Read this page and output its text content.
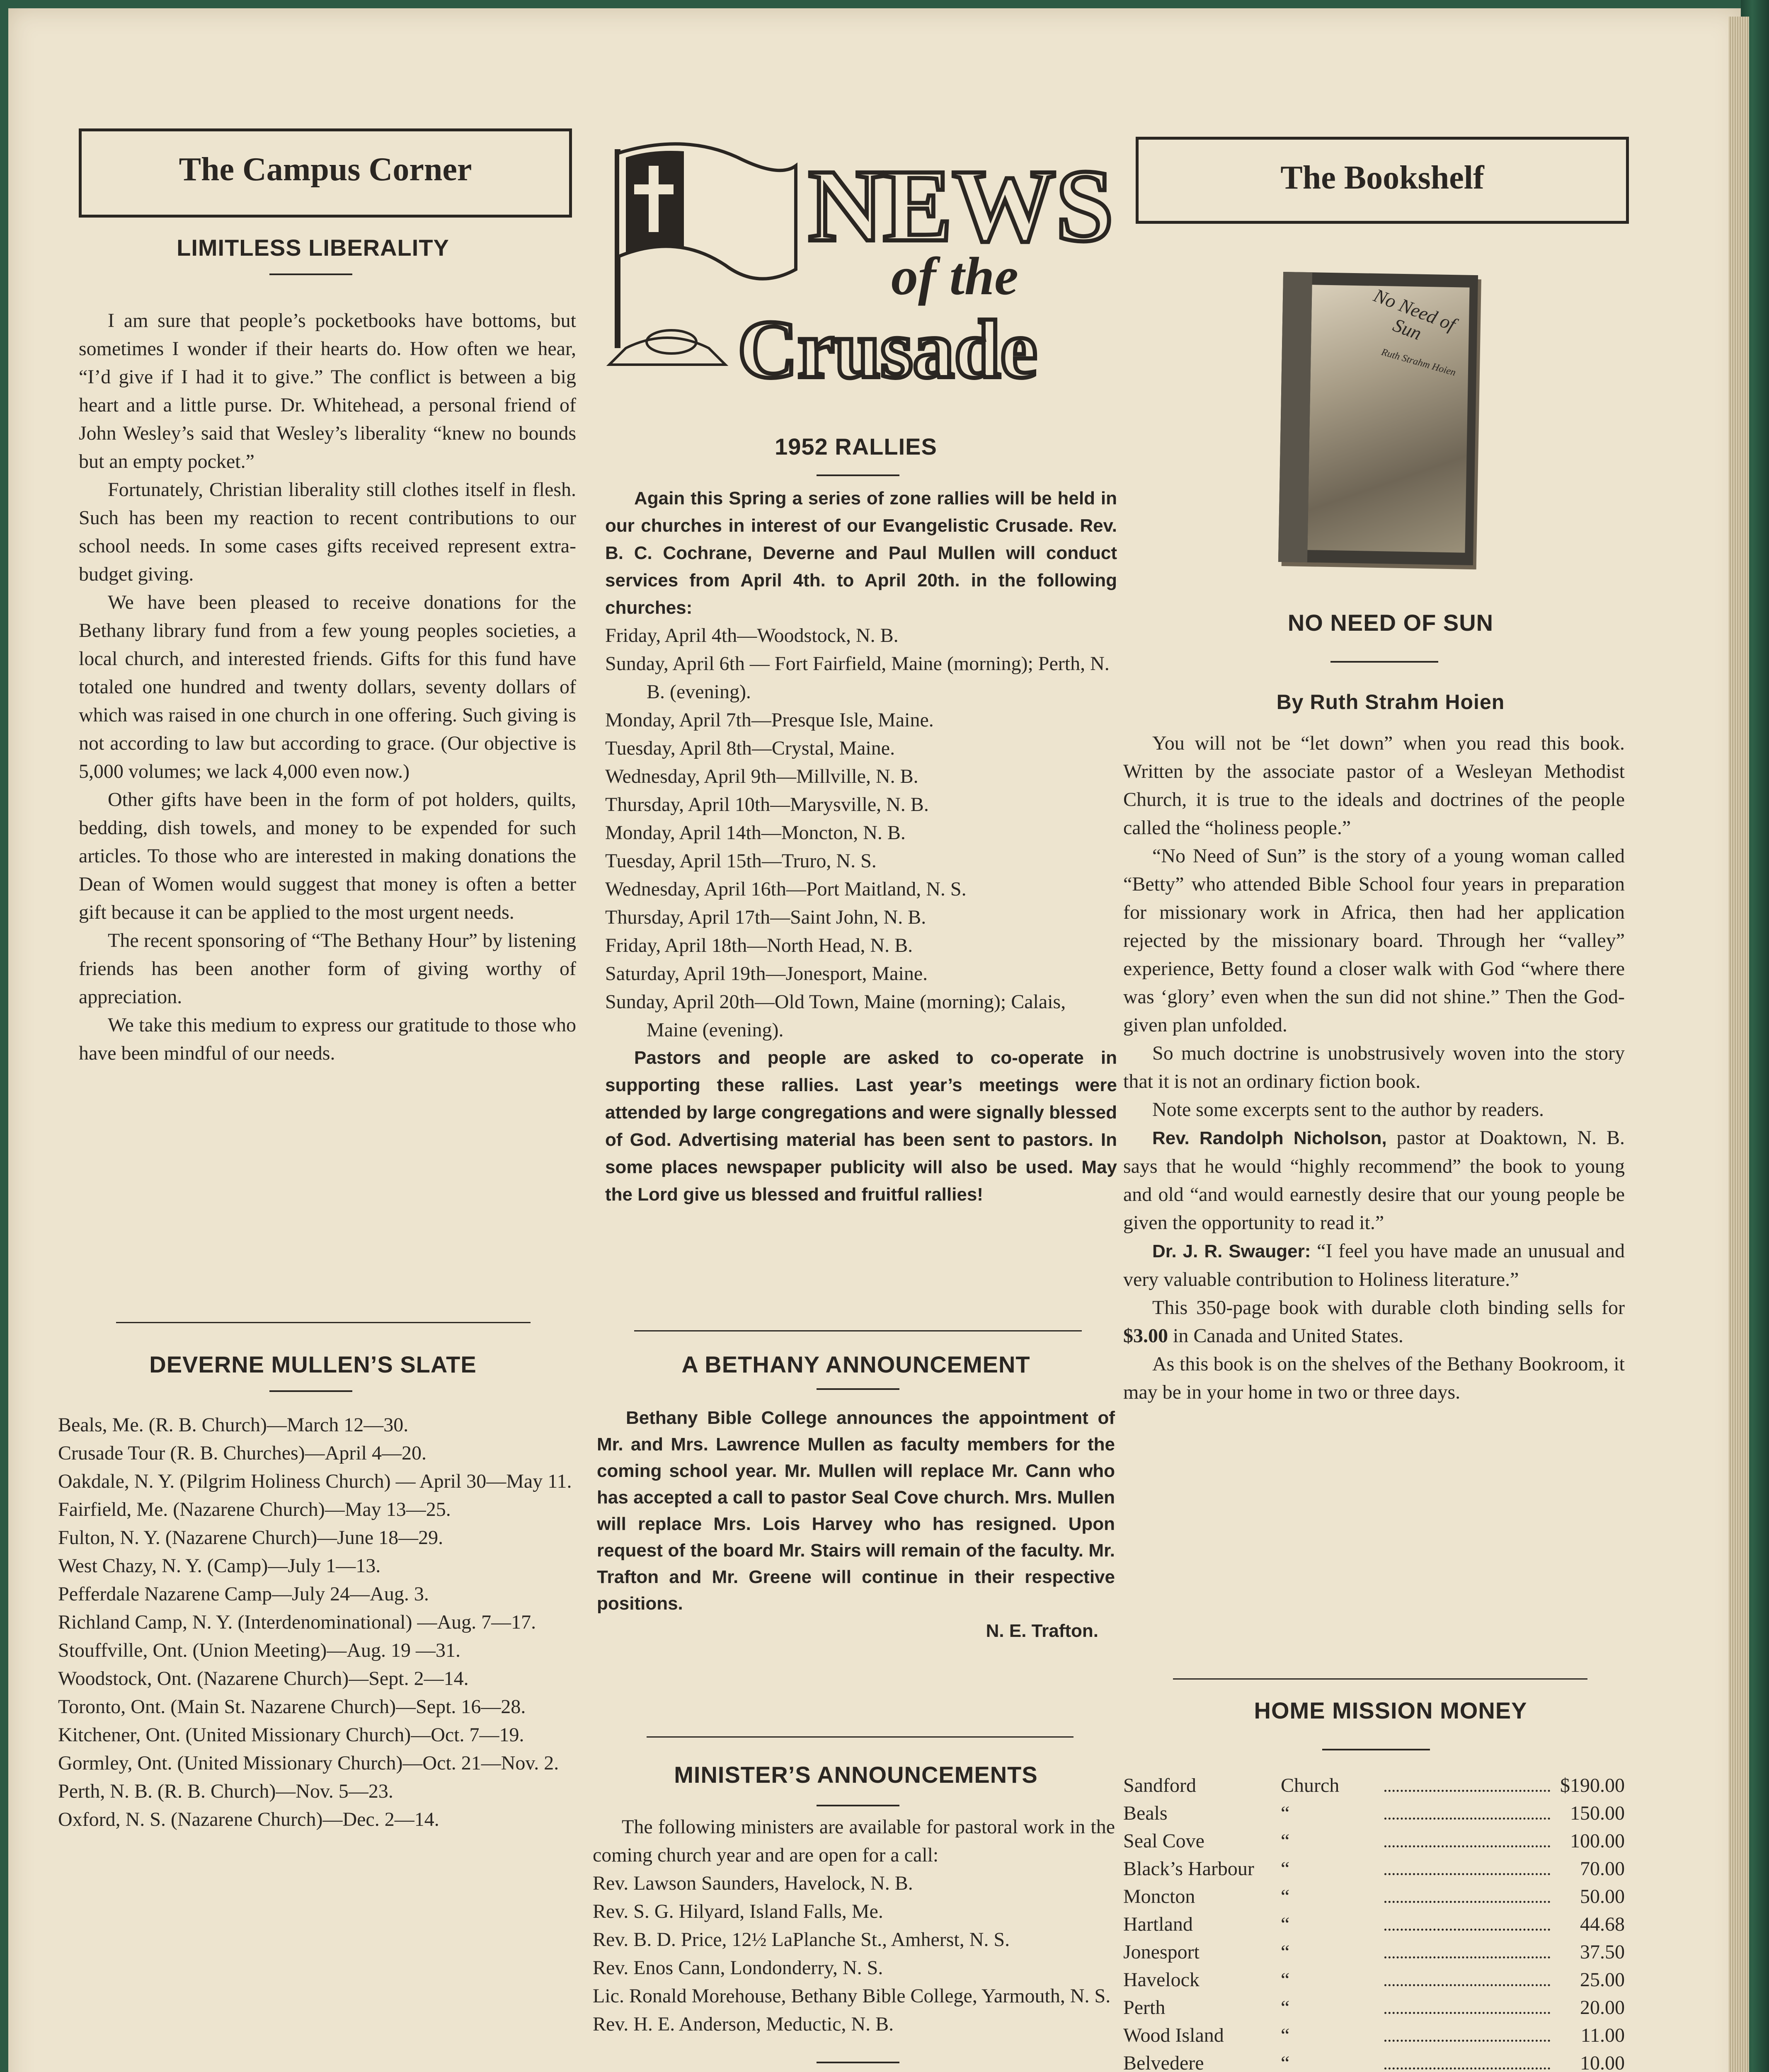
The Campus Corner
LIMITLESS LIBERALITY

I am sure that people’s pocketbooks have bottoms, but sometimes I wonder if their hearts do. How often we hear, “I’d give if I had it to give.” The conflict is between a big heart and a little purse. Dr. Whitehead, a personal friend of John Wesley’s said that Wesley’s liberality “knew no bounds but an empty pocket.”

Fortunately, Christian liberality still clothes itself in flesh. Such has been my reaction to recent contributions to our school needs. In some cases gifts received represent extra-budget giving.

We have been pleased to receive donations for the Bethany library fund from a few young peoples societies, a local church, and interested friends. Gifts for this fund have totaled one hundred and twenty dollars, seventy dollars of which was raised in one church in one offering. Such giving is not according to law but according to grace. (Our objective is 5,000 volumes; we lack 4,000 even now.)

Other gifts have been in the form of pot holders, quilts, bedding, dish towels, and money to be expended for such articles. To those who are interested in making donations the Dean of Women would suggest that money is often a better gift because it can be applied to the most urgent needs.

The recent sponsoring of “The Bethany Hour” by listening friends has been another form of giving worthy of appreciation.

We take this medium to express our gratitude to those who have been mindful of our needs.

DEVERNE MULLEN’S SLATE
Beals, Me. (R. B. Church)—March 12—30.
Crusade Tour (R. B. Churches)—April 4—20.
Oakdale, N. Y. (Pilgrim Holiness Church) — April 30—May 11.
Fairfield, Me. (Nazarene Church)—May 13—25.
Fulton, N. Y. (Nazarene Church)—June 18—29.
West Chazy, N. Y. (Camp)—July 1—13.
Pefferdale Nazarene Camp—July 24—Aug. 3.
Richland Camp, N. Y. (Interdenominational) —Aug. 7—17.
Stouffville, Ont. (Union Meeting)—Aug. 19 —31.
Woodstock, Ont. (Nazarene Church)—Sept. 2—14.
Toronto, Ont. (Main St. Nazarene Church)—Sept. 16—28.
Kitchener, Ont. (United Missionary Church)—Oct. 7—19.
Gormley, Ont. (United Missionary Church)—Oct. 21—Nov. 2.
Perth, N. B. (R. B. Church)—Nov. 5—23.
Oxford, N. S. (Nazarene Church)—Dec. 2—14.

NEWS
of the
Crusade
1952 RALLIES

Again this Spring a series of zone rallies will be held in our churches in interest of our Evangelistic Crusade. Rev. B. C. Cochrane, Deverne and Paul Mullen will conduct services from April 4th. to April 20th. in the following churches:

Friday, April 4th—Woodstock, N. B.
Sunday, April 6th — Fort Fairfield, Maine (morning); Perth, N. B. (evening).
Monday, April 7th—Presque Isle, Maine.
Tuesday, April 8th—Crystal, Maine.
Wednesday, April 9th—Millville, N. B.
Thursday, April 10th—Marysville, N. B.
Monday, April 14th—Moncton, N. B.
Tuesday, April 15th—Truro, N. S.
Wednesday, April 16th—Port Maitland, N. S.
Thursday, April 17th—Saint John, N. B.
Friday, April 18th—North Head, N. B.
Saturday, April 19th—Jonesport, Maine.
Sunday, April 20th—Old Town, Maine (morning); Calais, Maine (evening).

Pastors and people are asked to co-operate in supporting these rallies. Last year’s meetings were attended by large congregations and were signally blessed of God. Advertising material has been sent to pastors. In some places newspaper publicity will also be used. May the Lord give us blessed and fruitful rallies!

A BETHANY ANNOUNCEMENT

Bethany Bible College announces the appointment of Mr. and Mrs. Lawrence Mullen as faculty members for the coming school year. Mr. Mullen will replace Mr. Cann who has accepted a call to pastor Seal Cove church. Mrs. Mullen will replace Mrs. Lois Harvey who has resigned. Upon request of the board Mr. Stairs will remain of the faculty. Mr. Trafton and Mr. Greene will continue in their respective positions.

N. E. Trafton.
MINISTER’S ANNOUNCEMENTS

The following ministers are available for pastoral work in the coming church year and are open for a call:

Rev. Lawson Saunders, Havelock, N. B.
Rev. S. G. Hilyard, Island Falls, Me.
Rev. B. D. Price, 12½ LaPlanche St., Amherst, N. S.
Rev. Enos Cann, Londonderry, N. S.
Lic. Ronald Morehouse, Bethany Bible College, Yarmouth, N. S.
Rev. H. E. Anderson, Meductic, N. B.

The Bookshelf
No Need of Sun
Ruth Strahm Hoien
NO NEED OF SUN
By Ruth Strahm Hoien

You will not be “let down” when you read this book. Written by the associate pastor of a Wesleyan Methodist Church, it is true to the ideals and doctrines of the people called the “holiness people.”

“No Need of Sun” is the story of a young woman called “Betty” who attended Bible School four years in preparation for missionary work in Africa, then had her application rejected by the missionary board. Through her “valley” experience, Betty found a closer walk with God “where there was ‘glory’ even when the sun did not shine.” Then the God-given plan unfolded.

So much doctrine is unobstrusively woven into the story that it is not an ordinary fiction book.

Note some excerpts sent to the author by readers.

Rev. Randolph Nicholson, pastor at Doaktown, N. B. says that he would “highly recommend” the book to young and old “and would earnestly desire that our young people be given the opportunity to read it.”

Dr. J. R. Swauger: “I feel you have made an unusual and very valuable contribution to Holiness literature.”

This 350-page book with durable cloth binding sells for $3.00 in Canada and United States.

As this book is on the shelves of the Bethany Bookroom, it may be in your home in two or three days.

HOME MISSION MONEY
Sandford	Church	$190.00
Beals	“	150.00
Seal Cove	“	100.00
Black’s Harbour	“	70.00
Moncton	“	50.00
Hartland	“	44.68
Jonesport	“	37.50
Havelock	“	25.00
Perth	“	20.00
Wood Island	“	11.00
Belvedere	“	10.00
